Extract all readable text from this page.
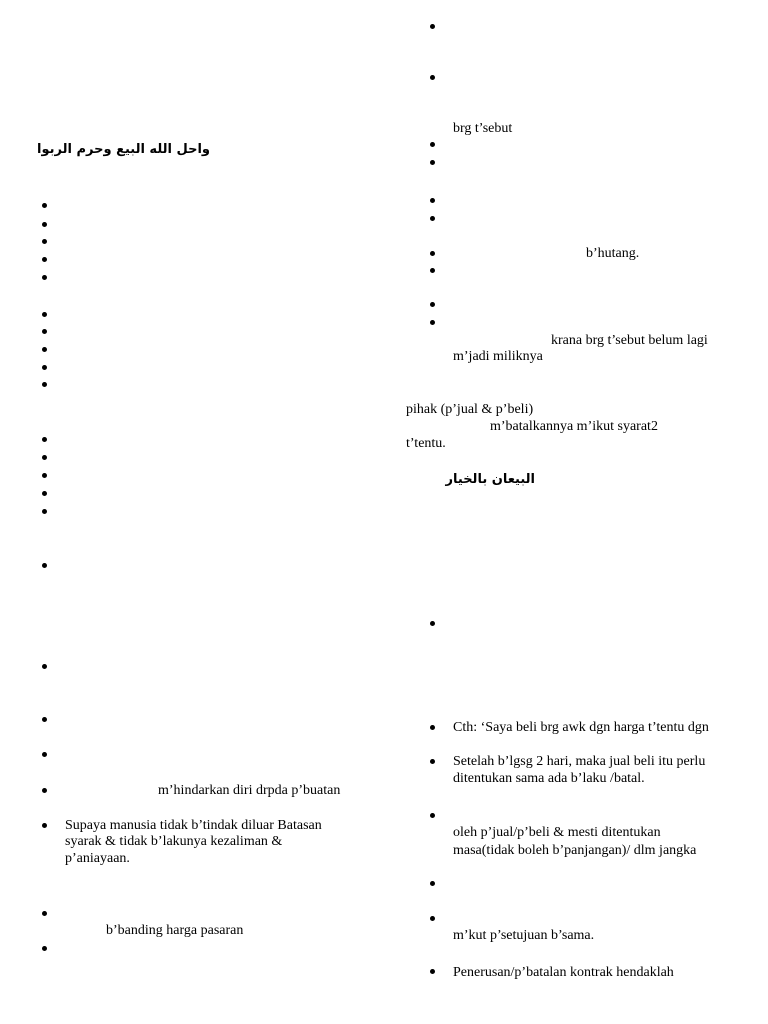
واحل الله البيع وحرم الربوا
m’hindarkan diri drpda p’buatan
Supaya manusia tidak b’tindak diluar Batasan
syarak & tidak b’lakunya kezaliman &
p’aniayaan.
b’banding harga pasaran
brg t’sebut
b’hutang.
krana brg t’sebut belum lagi
m’jadi miliknya
pihak (p’jual & p’beli)
m’batalkannya m’ikut syarat2
t’tentu.
البيعان بالخيار
Cth: ‘Saya beli brg awk dgn harga t’tentu dgn
Setelah b’lgsg 2 hari, maka jual beli itu perlu
ditentukan sama ada b’laku /batal.
oleh p’jual/p’beli & mesti ditentukan
masa(tidak boleh b’panjangan)/ dlm jangka
m’kut p’setujuan b’sama.
Penerusan/p’batalan kontrak hendaklah
